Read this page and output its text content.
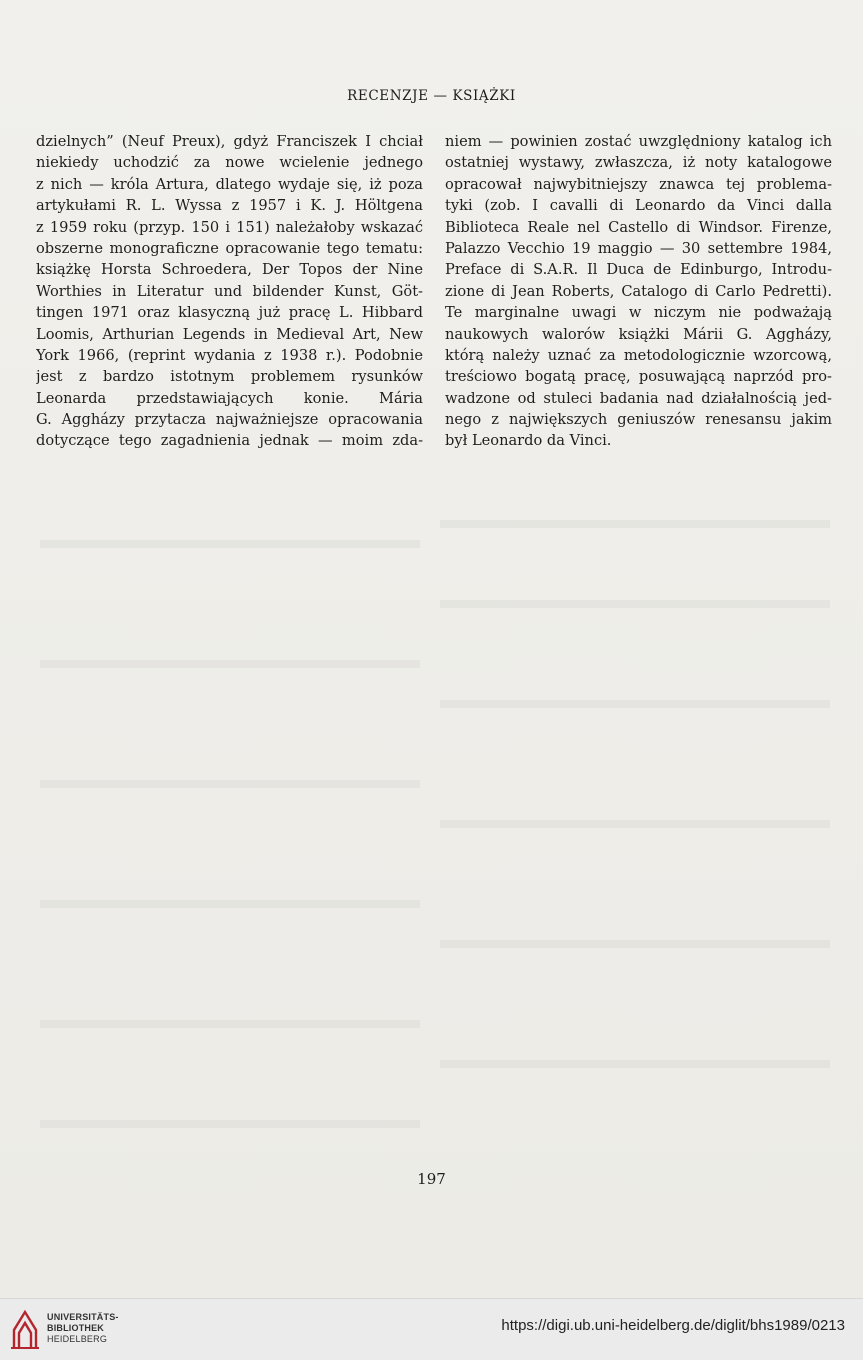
RECENZJE — KSIĄŻKI
dzielnych” (Neuf Preux), gdyż Franciszek I chciał
niekiedy uchodzić za nowe wcielenie jednego
z nich — króla Artura, dlatego wydaje się, iż poza
artykułami R. L. Wyssa z 1957 i K. J. Höltgena
z 1959 roku (przyp. 150 i 151) należałoby wskazać
obszerne monograficzne opracowanie tego tematu:
książkę Horsta Schroedera, Der Topos der Nine
Worthies in Literatur und bildender Kunst, Göt-
tingen 1971 oraz klasyczną już pracę L. Hibbard
Loomis, Arthurian Legends in Medieval Art, New
York 1966, (reprint wydania z 1938 r.). Podobnie
jest z bardzo istotnym problemem rysunków
Leonarda przedstawiających konie. Mária
G. Aggházy przytacza najważniejsze opracowania
dotyczące tego zagadnienia jednak — moim zda-
niem — powinien zostać uwzględniony katalog ich
ostatniej wystawy, zwłaszcza, iż noty katalogowe
opracował najwybitniejszy znawca tej problema-
tyki (zob. I cavalli di Leonardo da Vinci dalla
Biblioteca Reale nel Castello di Windsor. Firenze,
Palazzo Vecchio 19 maggio — 30 settembre 1984,
Preface di S.A.R. Il Duca de Edinburgo, Introdu-
zione di Jean Roberts, Catalogo di Carlo Pedretti).
Te marginalne uwagi w niczym nie podważają
naukowych walorów książki Márii G. Aggházy,
którą należy uznać za metodologicznie wzorcową,
treściowo bogatą pracę, posuwającą naprzód pro-
wadzone od stuleci badania nad działalnością jed-
nego z największych geniuszów renesansu jakim
był Leonardo da Vinci.
197
UNIVERSITÄTS-
BIBLIOTHEK
HEIDELBERG
https://digi.ub.uni-heidelberg.de/diglit/bhs1989/0213
